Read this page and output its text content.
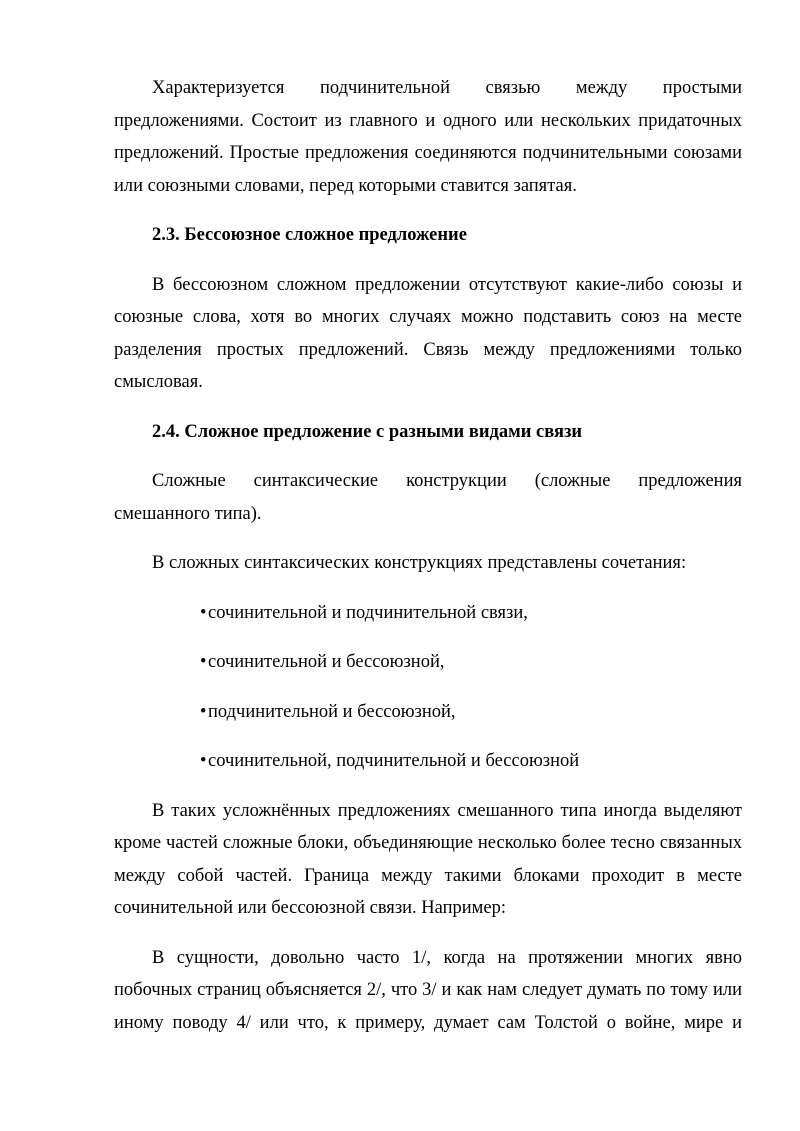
Характеризуется подчинительной связью между простыми предложениями. Состоит из главного и одного или нескольких придаточных предложений. Простые предложения соединяются подчинительными союзами или союзными словами, перед которыми ставится запятая.

2.3. Бессоюзное сложное предложение

В бессоюзном сложном предложении отсутствуют какие-либо союзы и союзные слова, хотя во многих случаях можно подставить союз на месте разделения простых предложений. Связь между предложениями только смысловая.

2.4. Сложное предложение с разными видами связи

Сложные синтаксические конструкции (сложные предложения смешанного типа).

В сложных синтаксических конструкциях представлены сочетания:

•сочинительной и подчинительной связи,
•сочинительной и бессоюзной,
•подчинительной и бессоюзной,
•сочинительной, подчинительной и бессоюзной

В таких усложнённых предложениях смешанного типа иногда выделяют кроме частей сложные блоки, объединяющие несколько более тесно связанных между собой частей. Граница между такими блоками проходит в месте сочинительной или бессоюзной связи. Например:

В сущности, довольно часто 1/, когда на протяжении многих явно побочных страниц объясняется 2/, что 3/ и как нам следует думать по тому или иному поводу 4/ или что, к примеру, думает сам Толстой о войне, мире и
